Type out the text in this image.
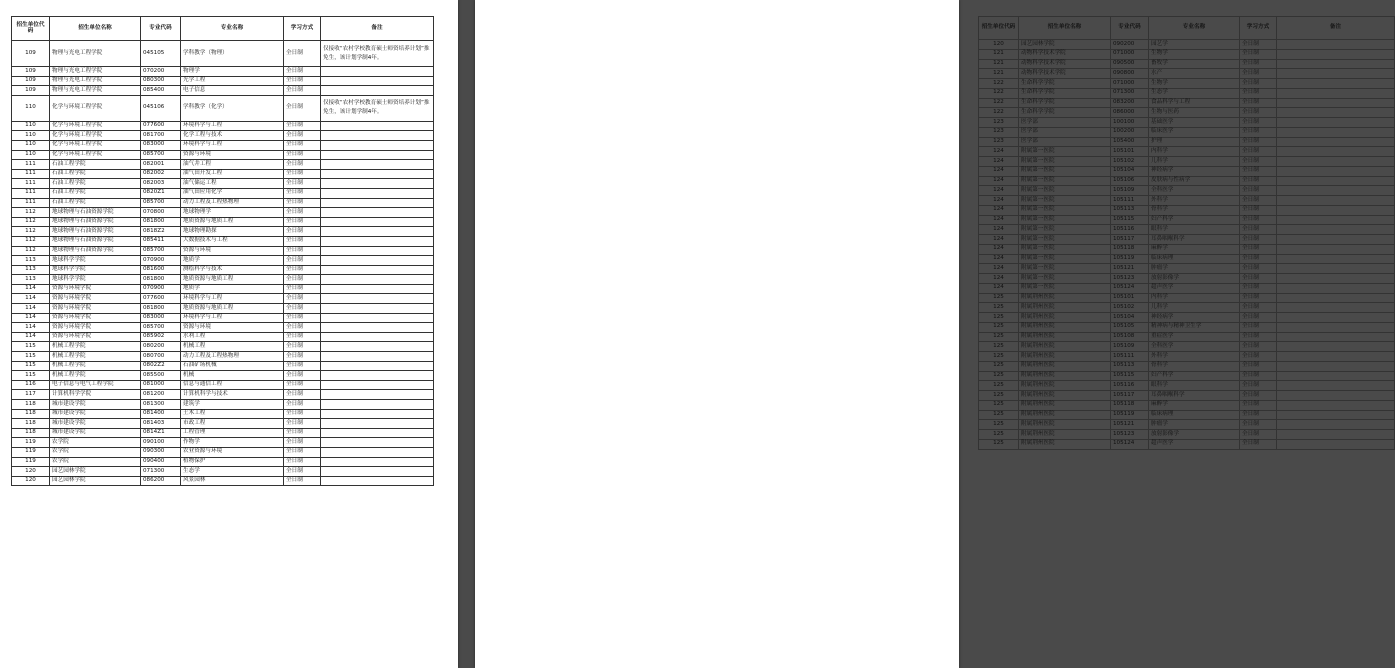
招生单位代码	招生单位名称	专业代码	专业名称	学习方式	备注
109	物理与光电工程学院	045105	学科教学（物理）	全日制	仅接收“农村学校教育硕士师资培养计划”推免生，该计划学制4年。
109	物理与光电工程学院	070200	物理学	全日制	
109	物理与光电工程学院	080300	光学工程	全日制	
109	物理与光电工程学院	085400	电子信息	全日制	
110	化学与环境工程学院	045106	学科教学（化学）	全日制	仅接收“农村学校教育硕士师资培养计划”推免生，该计划学制4年。
110	化学与环境工程学院	077600	环境科学与工程	全日制	
110	化学与环境工程学院	081700	化学工程与技术	全日制	
110	化学与环境工程学院	083000	环境科学与工程	全日制	
110	化学与环境工程学院	085700	资源与环境	全日制	
111	石油工程学院	082001	油气井工程	全日制	
111	石油工程学院	082002	油气田开发工程	全日制	
111	石油工程学院	082003	油气储运工程	全日制	
111	石油工程学院	0820Z1	油气田应用化学	全日制	
111	石油工程学院	085700	动力工程及工程热物理	全日制	
112	地球物理与石油资源学院	070800	地球物理学	全日制	
112	地球物理与石油资源学院	081800	地质资源与地质工程	全日制	
112	地球物理与石油资源学院	0818Z2	地球物理勘探	全日制	
112	地球物理与石油资源学院	085411	大数据技术与工程	全日制	
112	地球物理与石油资源学院	085700	资源与环境	全日制	
113	地球科学学院	070900	地质学	全日制	
113	地球科学学院	081600	测绘科学与技术	全日制	
113	地球科学学院	081800	地质资源与地质工程	全日制	
114	资源与环境学院	070900	地质学	全日制	
114	资源与环境学院	077600	环境科学与工程	全日制	
114	资源与环境学院	081800	地质资源与地质工程	全日制	
114	资源与环境学院	083000	环境科学与工程	全日制	
114	资源与环境学院	085700	资源与环境	全日制	
114	资源与环境学院	085902	水利工程	全日制	
115	机械工程学院	080200	机械工程	全日制	
115	机械工程学院	080700	动力工程及工程热物理	全日制	
115	机械工程学院	0802Z2	石油矿场机械	全日制	
115	机械工程学院	085500	机械	全日制	
116	电子信息与电气工程学院	081000	信息与通信工程	全日制	
117	计算机科学学院	081200	计算机科学与技术	全日制	
118	城市建设学院	081300	建筑学	全日制	
118	城市建设学院	081400	土木工程	全日制	
118	城市建设学院	081403	市政工程	全日制	
118	城市建设学院	0814Z1	工程管理	全日制	
119	农学院	090100	作物学	全日制	
119	农学院	090300	农业资源与环境	全日制	
119	农学院	090400	植物保护	全日制	
120	园艺园林学院	071300	生态学	全日制	
120	园艺园林学院	086200	风景园林	全日制	
招生单位代码	招生单位名称	专业代码	专业名称	学习方式	备注
120	园艺园林学院	090200	园艺学	全日制	
121	动物科学技术学院	071000	生物学	全日制	
121	动物科学技术学院	090500	畜牧学	全日制	
121	动物科学技术学院	090800	水产	全日制	
122	生命科学学院	071000	生物学	全日制	
122	生命科学学院	071300	生态学	全日制	
122	生命科学学院	083200	食品科学与工程	全日制	
122	生命科学学院	086000	生物与医药	全日制	
123	医学部	100100	基础医学	全日制	
123	医学部	100200	临床医学	全日制	
123	医学部	105400	护理	全日制	
124	附属第一医院	105101	内科学	全日制	
124	附属第一医院	105102	儿科学	全日制	
124	附属第一医院	105104	神经病学	全日制	
124	附属第一医院	105106	皮肤病与性病学	全日制	
124	附属第一医院	105109	全科医学	全日制	
124	附属第一医院	105111	外科学	全日制	
124	附属第一医院	105113	骨科学	全日制	
124	附属第一医院	105115	妇产科学	全日制	
124	附属第一医院	105116	眼科学	全日制	
124	附属第一医院	105117	耳鼻咽喉科学	全日制	
124	附属第一医院	105118	麻醉学	全日制	
124	附属第一医院	105119	临床病理	全日制	
124	附属第一医院	105121	肿瘤学	全日制	
124	附属第一医院	105123	放射影像学	全日制	
124	附属第一医院	105124	超声医学	全日制	
125	附属荆州医院	105101	内科学	全日制	
125	附属荆州医院	105102	儿科学	全日制	
125	附属荆州医院	105104	神经病学	全日制	
125	附属荆州医院	105105	精神病与精神卫生学	全日制	
125	附属荆州医院	105108	重症医学	全日制	
125	附属荆州医院	105109	全科医学	全日制	
125	附属荆州医院	105111	外科学	全日制	
125	附属荆州医院	105113	骨科学	全日制	
125	附属荆州医院	105115	妇产科学	全日制	
125	附属荆州医院	105116	眼科学	全日制	
125	附属荆州医院	105117	耳鼻咽喉科学	全日制	
125	附属荆州医院	105118	麻醉学	全日制	
125	附属荆州医院	105119	临床病理	全日制	
125	附属荆州医院	105121	肿瘤学	全日制	
125	附属荆州医院	105123	放射影像学	全日制	
125	附属荆州医院	105124	超声医学	全日制	
